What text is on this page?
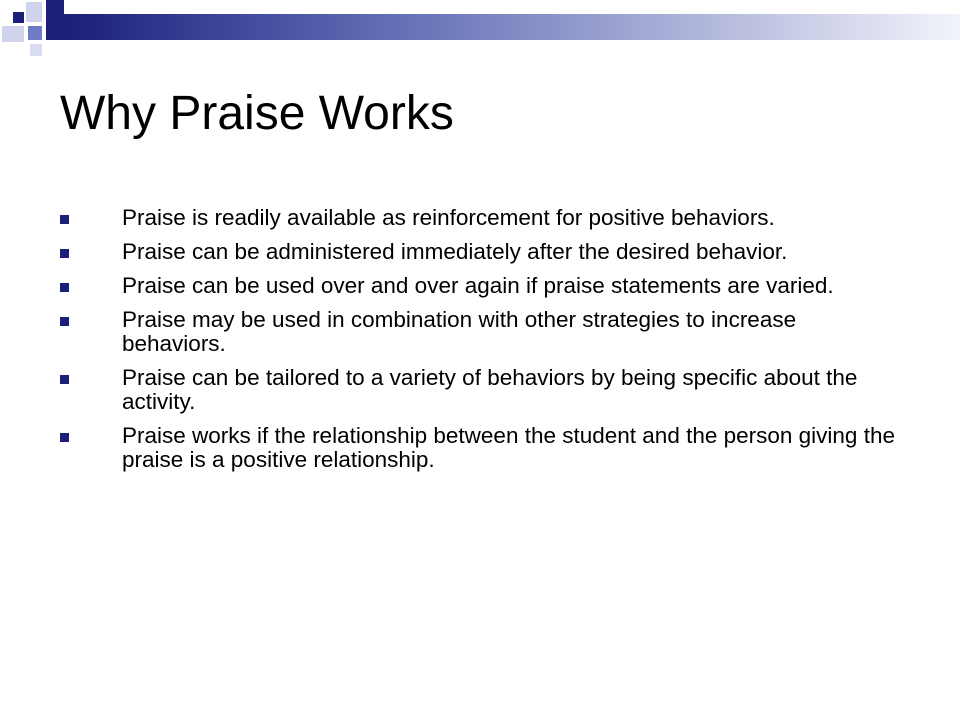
Why Praise Works
Praise is readily available as reinforcement for positive behaviors.
Praise can be administered immediately after the desired behavior.
Praise can be used over and over again if praise statements are varied.
Praise may be used in combination with other strategies to increase behaviors.
Praise can be tailored to a variety of behaviors by being specific about the activity.
Praise works if the relationship between the student and the person giving the praise is a positive relationship.
